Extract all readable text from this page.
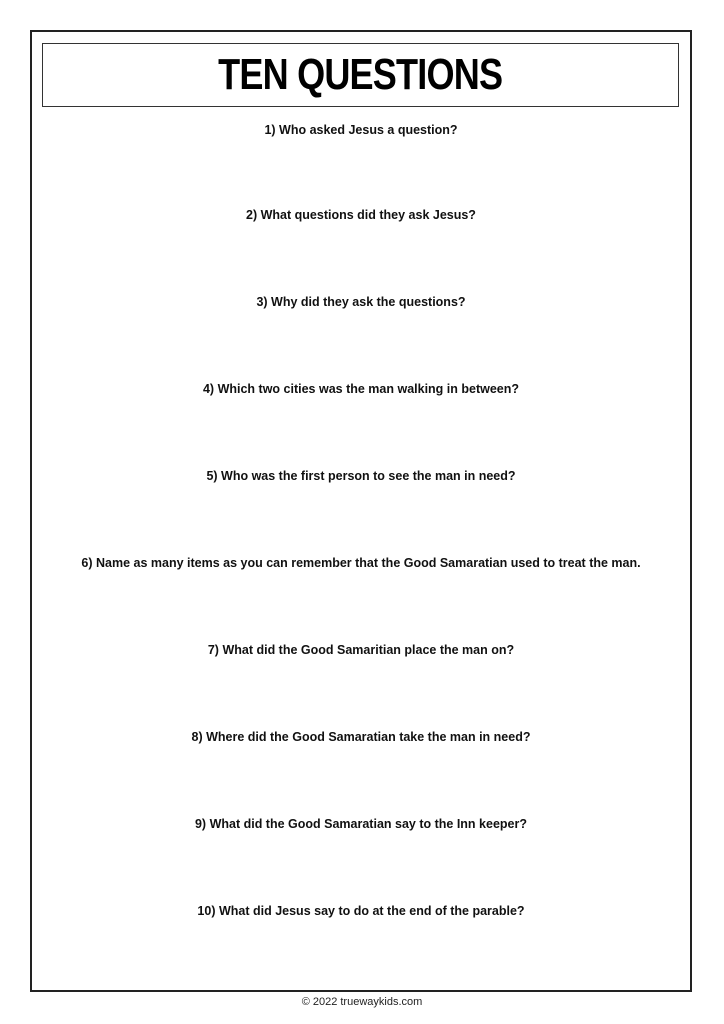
TEN QUESTIONS
1) Who asked Jesus a question?
2) What questions did they ask Jesus?
3) Why did they ask the questions?
4) Which two cities was the man walking in between?
5) Who was the first person to see the man in need?
6) Name as many items as you can remember that the Good Samaratian used to treat the man.
7) What did the Good Samaritian place the man on?
8) Where did the Good Samaratian take the man in need?
9) What did the Good Samaratian say to the Inn keeper?
10) What did Jesus say to do at the end of the parable?
© 2022 truewaykids.com
